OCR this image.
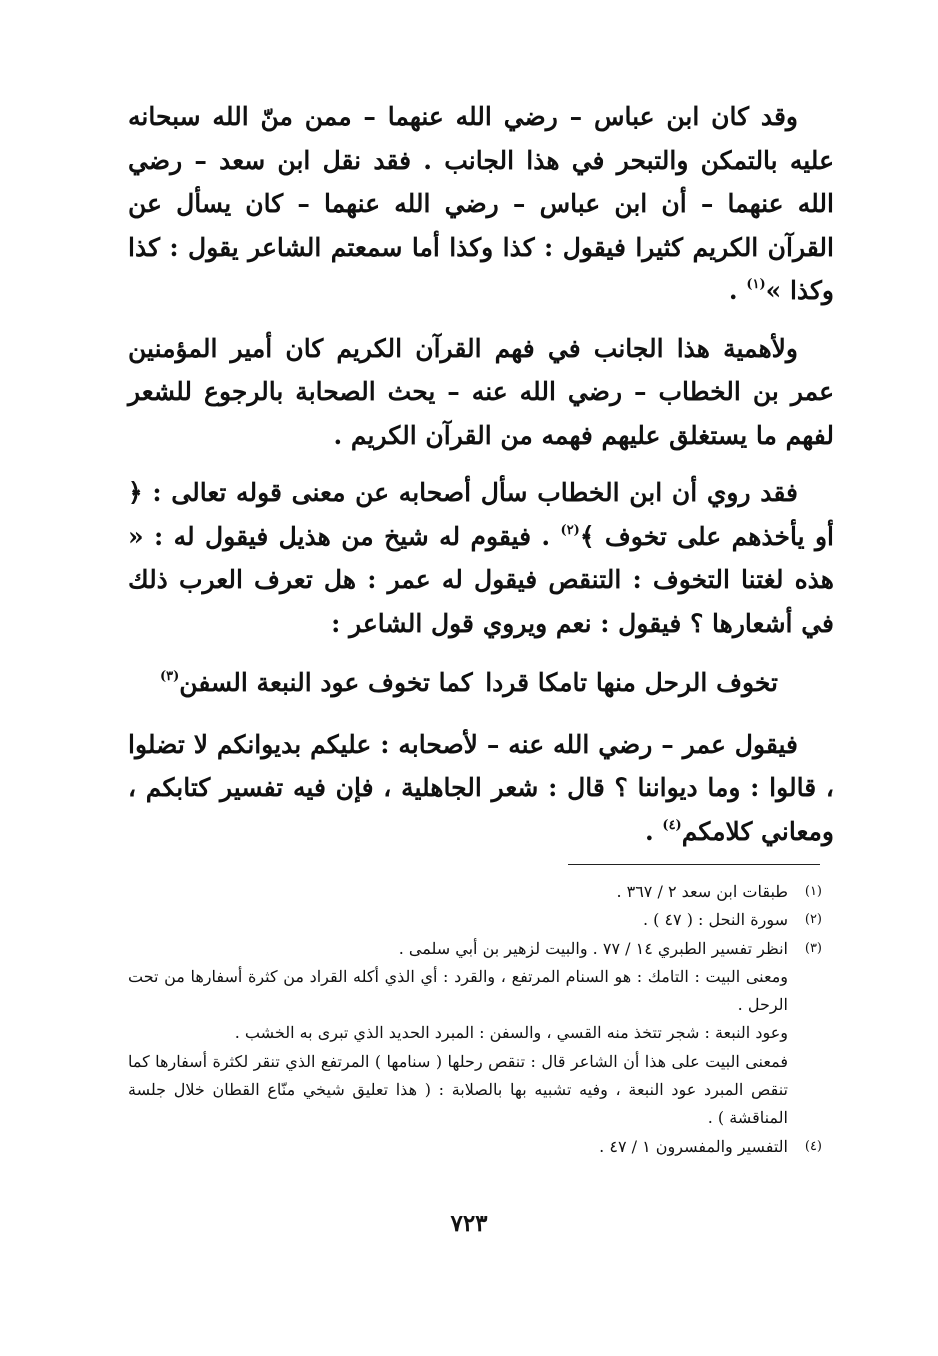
وقد كان ابن عباس – رضي الله عنهما – ممن منّ الله سبحانه عليه بالتمكن والتبحر في هذا الجانب . فقد نقل ابن سعد – رضي الله عنهما – أن ابن عباس – رضي الله عنهما – كان يسأل عن القرآن الكريم كثيرا فيقول : كذا وكذا أما سمعتم الشاعر يقول : كذا وكذا »$^{(١)}$ .

ولأهمية هذا الجانب في فهم القرآن الكريم كان أمير المؤمنين عمر بن الخطاب – رضي الله عنه – يحث الصحابة بالرجوع للشعر لفهم ما يستغلق عليهم فهمه من القرآن الكريم .

فقد روي أن ابن الخطاب سأل أصحابه عن معنى قوله تعالى : ﴿ أو يأخذهم على تخوف ﴾$^{(٢)}$ . فيقوم له شيخ من هذيل فيقول له : « هذه لغتنا التخوف : التنقص فيقول له عمر : هل تعرف العرب ذلك في أشعارها ؟ فيقول : نعم ويروي قول الشاعر :

تخوف الرحل منها تامكا قردا
كما تخوف عود النبعة السفن$^{(٣)}$

فيقول عمر – رضي الله عنه – لأصحابه : عليكم بديوانكم لا تضلوا ، قالوا : وما ديواننا ؟ قال : شعر الجاهلية ، فإن فيه تفسير كتابكم ، ومعاني كلامكم$^{(٤)}$ .

(١)
طبقات ابن سعد ٢ / ٣٦٧ .
(٢)
سورة النحل : ( ٤٧ ) .
(٣)
انظر تفسير الطبري ١٤ / ٧٧ . والبيت لزهير بن أبي سلمى .
ومعنى البيت : التامك : هو السنام المرتفع ، والقرد : أي الذي أكله القراد من كثرة أسفارها من تحت الرحل .
وعود النبعة : شجر تتخذ منه القسي ، والسفن : المبرد الحديد الذي تبرى به الخشب .
فمعنى البيت على هذا أن الشاعر قال : تنقص رحلها ( سنامها ) المرتفع الذي تنقر لكثرة أسفارها كما تنقص المبرد عود النبعة ، وفيه تشبيه بها بالصلابة : ( هذا تعليق شيخي منّاع القطان خلال جلسة المناقشة ) .
(٤)
التفسير والمفسرون ١ / ٤٧ .
٧٢٣
